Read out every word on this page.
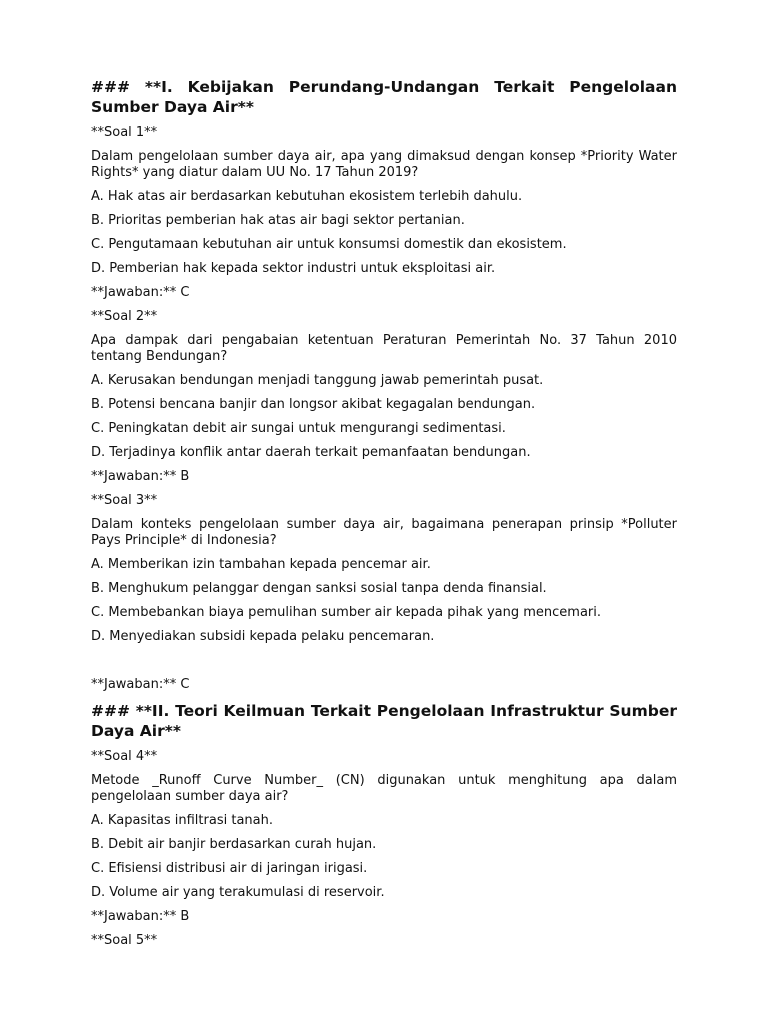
### **I. Kebijakan Perundang-Undangan Terkait Pengelolaan Sumber Daya Air**

**Soal 1**

Dalam pengelolaan sumber daya air, apa yang dimaksud dengan konsep *Priority Water Rights* yang diatur dalam UU No. 17 Tahun 2019?

A. Hak atas air berdasarkan kebutuhan ekosistem terlebih dahulu.

B. Prioritas pemberian hak atas air bagi sektor pertanian.

C. Pengutamaan kebutuhan air untuk konsumsi domestik dan ekosistem.

D. Pemberian hak kepada sektor industri untuk eksploitasi air.

**Jawaban:** C

**Soal 2**

Apa dampak dari pengabaian ketentuan Peraturan Pemerintah No. 37 Tahun 2010 tentang Bendungan?

A. Kerusakan bendungan menjadi tanggung jawab pemerintah pusat.

B. Potensi bencana banjir dan longsor akibat kegagalan bendungan.

C. Peningkatan debit air sungai untuk mengurangi sedimentasi.

D. Terjadinya konflik antar daerah terkait pemanfaatan bendungan.

**Jawaban:** B

**Soal 3**

Dalam konteks pengelolaan sumber daya air, bagaimana penerapan prinsip *Polluter Pays Principle* di Indonesia?

A. Memberikan izin tambahan kepada pencemar air.

B. Menghukum pelanggar dengan sanksi sosial tanpa denda finansial.

C. Membebankan biaya pemulihan sumber air kepada pihak yang mencemari.

D. Menyediakan subsidi kepada pelaku pencemaran.

**Jawaban:** C

### **II. Teori Keilmuan Terkait Pengelolaan Infrastruktur Sumber Daya Air**

**Soal 4**

Metode _Runoff Curve Number_ (CN) digunakan untuk menghitung apa dalam pengelolaan sumber daya air?

A. Kapasitas infiltrasi tanah.

B. Debit air banjir berdasarkan curah hujan.

C. Efisiensi distribusi air di jaringan irigasi.

D. Volume air yang terakumulasi di reservoir.

**Jawaban:** B

**Soal 5**
